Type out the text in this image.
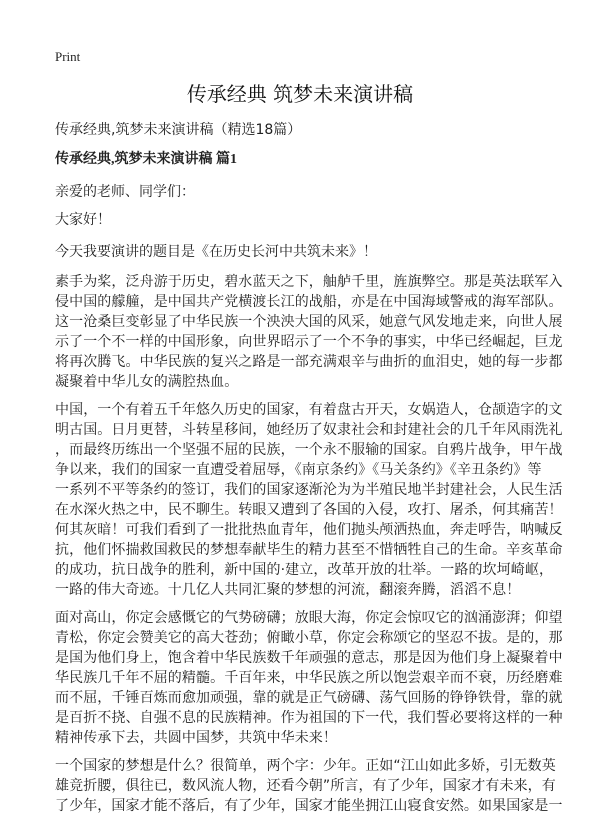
Print
传承经典 筑梦未来演讲稿
传承经典,筑梦未来演讲稿（精选18篇）
传承经典,筑梦未来演讲稿 篇1
亲爱的老师、同学们：
大家好！
今天我要演讲的题目是《在历史长河中共筑未来》！
素手为桨，泛舟游于历史，碧水蓝天之下，舳舻千里，旌旗弊空。那是英法联军入
侵中国的艨艟，是中国共产党横渡长江的战船，亦是在中国海域警戒的海军部队。
这一沧桑巨变彰显了中华民族一个泱泱大国的风采，她意气风发地走来，向世人展
示了一个不一样的中国形象，向世界昭示了一个不争的事实，中华已经崛起，巨龙
将再次腾飞。中华民族的复兴之路是一部充满艰辛与曲折的血泪史，她的每一步都
凝聚着中华儿女的满腔热血。
中国，一个有着五千年悠久历史的国家，有着盘古开天，女娲造人，仓颉造字的文
明古国。日月更替，斗转星移间，她经历了奴隶社会和封建社会的几千年风雨洗礼
，而最终历练出一个坚强不屈的民族，一个永不服输的国家。自鸦片战争，甲午战
争以来，我们的国家一直遭受着屈辱，《南京条约》《马关条约》《辛丑条约》等
一系列不平等条约的签订，我们的国家逐渐沦为为半殖民地半封建社会，人民生活
在水深火热之中，民不聊生。转眼又遭到了各国的入侵，攻打、屠杀，何其痛苦！
何其灰暗！可我们看到了一批批热血青年，他们抛头颅洒热血，奔走呼告，呐喊反
抗，他们怀揣救国救民的梦想奉献毕生的精力甚至不惜牺牲自己的生命。辛亥革命
的成功，抗日战争的胜利，新中国的·建立，改革开放的壮举。一路的坎坷崎岖，
一路的伟大奇迹。十几亿人共同汇聚的梦想的河流，翻滚奔腾，滔滔不息！
面对高山，你定会感慨它的气势磅礴；放眼大海，你定会惊叹它的汹涌澎湃；仰望
青松，你定会赞美它的高大苍劲；俯瞰小草，你定会称颂它的坚忍不拔。是的，那
是国为他们身上，饱含着中华民族数千年顽强的意志，那是因为他们身上凝聚着中
华民族几千年不屈的精髓。千百年来，中华民族之所以饱尝艰辛而不衰，历经磨难
而不屈，千锤百炼而愈加顽强，靠的就是正气磅礴、荡气回肠的铮铮铁骨，靠的就
是百折不挠、自强不息的民族精神。作为祖国的下一代，我们誓必要将这样的一种
精神传承下去，共圆中国梦，共筑中华未来！
一个国家的梦想是什么？很简单，两个字：少年。正如“江山如此多娇，引无数英
雄竞折腰，俱往已，数风流人物，还看今朝”所言，有了少年，国家才有未来，有
了少年，国家才能不落后，有了少年，国家才能坐拥江山寝食安然。如果国家是一
